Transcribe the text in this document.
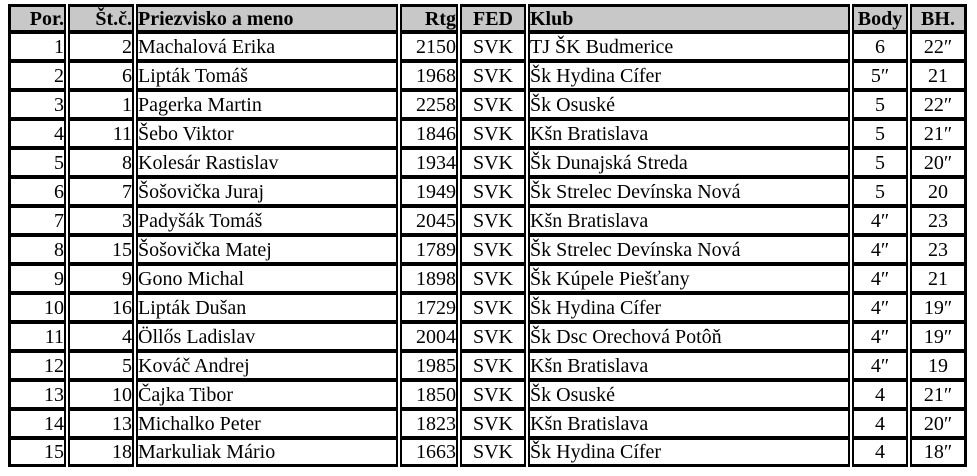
Por.	Št.č.	Priezvisko a meno	Rtg	FED	Klub	Body	BH.
1	2	Machalová Erika	2150	SVK	TJ ŠK Budmerice	6	22″
2	6	Lipták Tomáš	1968	SVK	Šk Hydina Cífer	5″	21
3	1	Pagerka Martin	2258	SVK	Šk Osuské	5	22″
4	11	Šebo Viktor	1846	SVK	Kšn Bratislava	5	21″
5	8	Kolesár Rastislav	1934	SVK	Šk Dunajská Streda	5	20″
6	7	Šošovička Juraj	1949	SVK	Šk Strelec Devínska Nová	5	20
7	3	Padyšák Tomáš	2045	SVK	Kšn Bratislava	4″	23
8	15	Šošovička Matej	1789	SVK	Šk Strelec Devínska Nová	4″	23
9	9	Gono Michal	1898	SVK	Šk Kúpele Piešťany	4″	21
10	16	Lipták Dušan	1729	SVK	Šk Hydina Cífer	4″	19″
11	4	Öllős Ladislav	2004	SVK	Šk Dsc Orechová Potôň	4″	19″
12	5	Kováč Andrej	1985	SVK	Kšn Bratislava	4″	19
13	10	Čajka Tibor	1850	SVK	Šk Osuské	4	21″
14	13	Michalko Peter	1823	SVK	Kšn Bratislava	4	20″
15	18	Markuliak Mário	1663	SVK	Šk Hydina Cífer	4	18″
